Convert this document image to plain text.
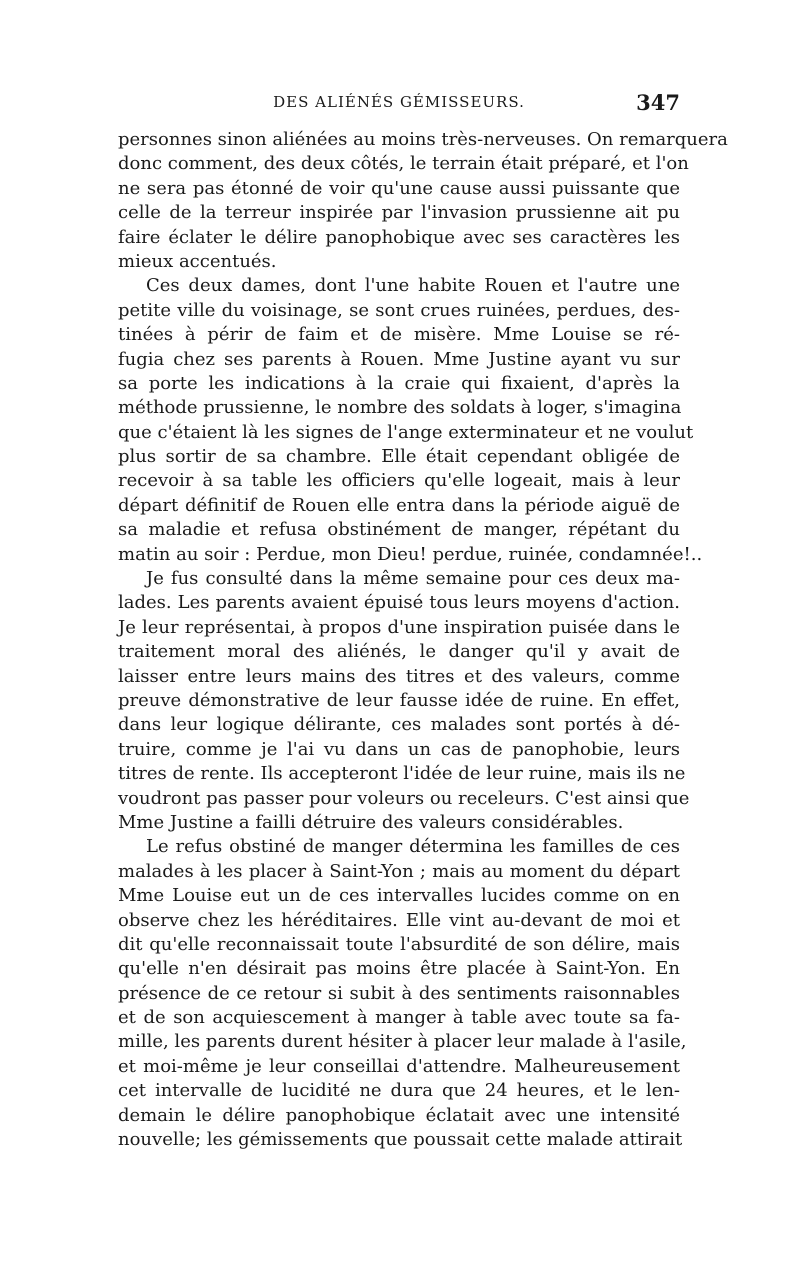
DES ALIÉNÉS GÉMISSEURS.	347
personnes sinon aliénées au moins très-nerveuses. On remarquera
donc comment, des deux côtés, le terrain était préparé, et l'on
ne sera pas étonné de voir qu'une cause aussi puissante que
celle de la terreur inspirée par l'invasion prussienne ait pu
faire éclater le délire panophobique avec ses caractères les
mieux accentués.
Ces deux dames, dont l'une habite Rouen et l'autre une
petite ville du voisinage, se sont crues ruinées, perdues, des-
tinées à périr de faim et de misère. Mme Louise se ré-
fugia chez ses parents à Rouen. Mme Justine ayant vu sur
sa porte les indications à la craie qui fixaient, d'après la
méthode prussienne, le nombre des soldats à loger, s'imagina
que c'étaient là les signes de l'ange exterminateur et ne voulut
plus sortir de sa chambre. Elle était cependant obligée de
recevoir à sa table les officiers qu'elle logeait, mais à leur
départ définitif de Rouen elle entra dans la période aiguë de
sa maladie et refusa obstinément de manger, répétant du
matin au soir : Perdue, mon Dieu! perdue, ruinée, condamnée!..
Je fus consulté dans la même semaine pour ces deux ma-
lades. Les parents avaient épuisé tous leurs moyens d'action.
Je leur représentai, à propos d'une inspiration puisée dans le
traitement moral des aliénés, le danger qu'il y avait de
laisser entre leurs mains des titres et des valeurs, comme
preuve démonstrative de leur fausse idée de ruine. En effet,
dans leur logique délirante, ces malades sont portés à dé-
truire, comme je l'ai vu dans un cas de panophobie, leurs
titres de rente. Ils accepteront l'idée de leur ruine, mais ils ne
voudront pas passer pour voleurs ou receleurs. C'est ainsi que
Mme Justine a failli détruire des valeurs considérables.
Le refus obstiné de manger détermina les familles de ces
malades à les placer à Saint-Yon ; mais au moment du départ
Mme Louise eut un de ces intervalles lucides comme on en
observe chez les héréditaires. Elle vint au-devant de moi et
dit qu'elle reconnaissait toute l'absurdité de son délire, mais
qu'elle n'en désirait pas moins être placée à Saint-Yon. En
présence de ce retour si subit à des sentiments raisonnables
et de son acquiescement à manger à table avec toute sa fa-
mille, les parents durent hésiter à placer leur malade à l'asile,
et moi-même je leur conseillai d'attendre. Malheureusement
cet intervalle de lucidité ne dura que 24 heures, et le len-
demain le délire panophobique éclatait avec une intensité
nouvelle; les gémissements que poussait cette malade attirait
